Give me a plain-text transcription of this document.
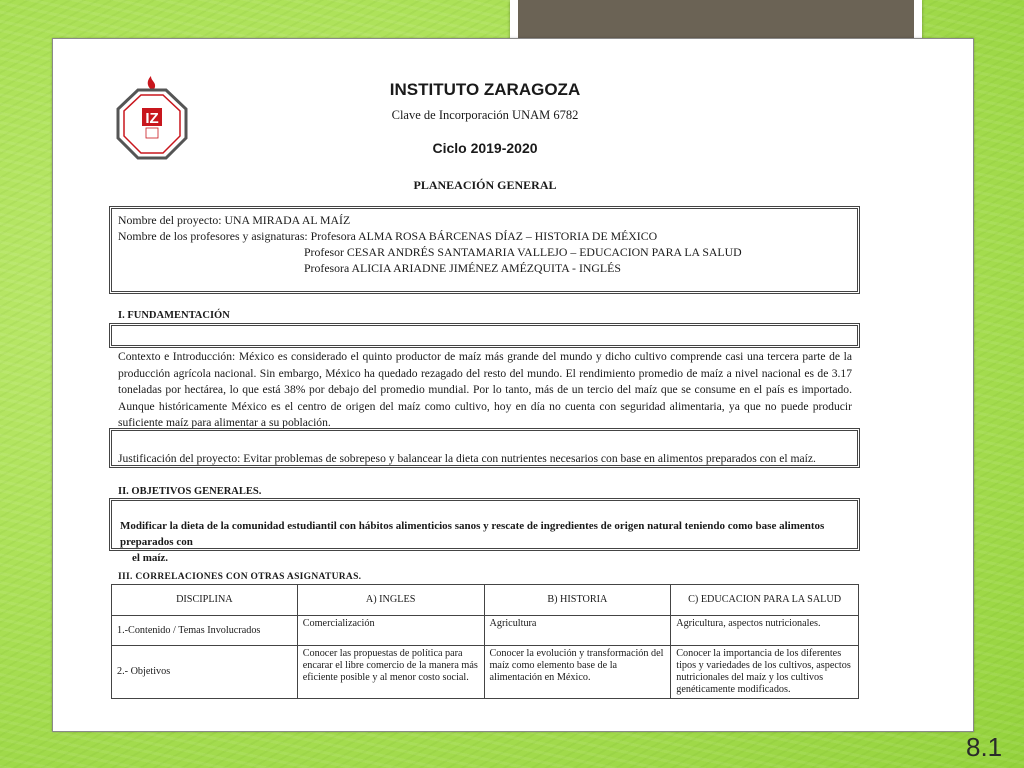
IZ
INSTITUTO ZARAGOZA
Clave de Incorporación UNAM 6782
Ciclo 2019-2020
PLANEACIÓN GENERAL
Nombre del proyecto: UNA MIRADA AL MAÍZ
Nombre de los profesores y asignaturas: Profesora ALMA ROSA BÁRCENAS DÍAZ – HISTORIA DE MÉXICO
Profesor CESAR ANDRÉS SANTAMARIA VALLEJO – EDUCACION PARA LA SALUD
Profesora ALICIA ARIADNE JIMÉNEZ AMÉZQUITA - INGLÉS
I. FUNDAMENTACIÓN
Contexto e Introducción: México es considerado el quinto productor de maíz más grande del mundo y dicho cultivo comprende casi una tercera parte de la producción agrícola nacional. Sin embargo, México ha quedado rezagado del resto del mundo. El rendimiento promedio de maíz a nivel nacional es de 3.17 toneladas por hectárea, lo que está 38% por debajo del promedio mundial. Por lo tanto, más de un tercio del maíz que se consume en el país es importado. Aunque históricamente México es el centro de origen del maíz como cultivo, hoy en día no cuenta con seguridad alimentaria, ya que no puede producir suficiente maíz para alimentar a su población.
Justificación del proyecto: Evitar problemas de sobrepeso y balancear la dieta con nutrientes necesarios con base en alimentos preparados con el maíz.
II. OBJETIVOS GENERALES.
Modificar la dieta de la comunidad estudiantil con hábitos alimenticios sanos y rescate de ingredientes de origen natural teniendo como base alimentos preparados con
el maíz.
III. CORRELACIONES CON OTRAS ASIGNATURAS.
DISCIPLINA	A) INGLES	B) HISTORIA	C) EDUCACION PARA LA SALUD
1.-Contenido / Temas Involucrados	Comercialización	Agricultura	Agricultura, aspectos nutricionales.
2.- Objetivos	Conocer las propuestas de política para encarar el libre comercio de la manera más eficiente posible y al menor costo social.	Conocer la evolución y transformación del maíz como elemento base de la alimentación en México.	Conocer la importancia de los diferentes tipos y variedades de los cultivos, aspectos nutricionales del maíz y los cultivos genéticamente modificados.
8.1
